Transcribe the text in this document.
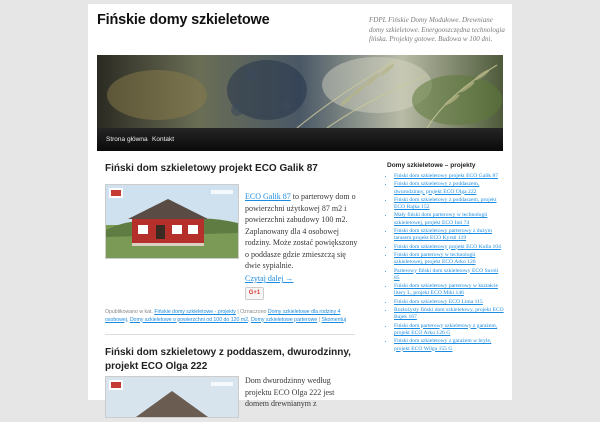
Fińskie domy szkieletowe	FDPL Fińskie Domy Modułowe. Drewniane domy szkieletowe. Energooszczędna technologia fińska. Projekty gotowe. Budowa w 100 dni.
Strona główna Kontakt
Fiński dom szkieletowy projekt ECO Galik 87
ECO Galik 87 to parterowy dom o powierzchni użytkowej 87 m2 i powierzchni zabudowy 100 m2. Zaplanowany dla 4 osobowej rodziny. Może zostać powiększony o poddasze gdzie zmieszczą się dwie sypialnie.
Czytaj dalej →
G+1
Opublikowano w kat. Fińskie domy szkieletowe - projekty | Oznaczono Domy szkieletowe dla rodziny 4 osobowej, Domy szkieletowe o powierzchni od 100 do 120 m2, Domy szkieletowe parterowe | Skomentuj
Fiński dom szkieletowy z poddaszem, dwurodzinny, projekt ECO Olga 222
Dom dwurodzinny według projektu ECO Olga 222 jest domem drewnianym z
Domy szkieletowe – projekty
• Fiński dom szkieletowy projekt ECO Galik 87
• Fiński dom szkieletowy z poddaszem, dwurodzinny, projekt ECO Olga 222
• Fiński dom szkieletowy z poddaszem, projekt ECO Rajka 152
• Mały fiński dom parterowy w technologii szkieletowej, projekt ECO Inti 74
• Fiński dom szkieletowy parterowy z dużym tarasem projekt ECO Kyrsti 119
• Fiński dom szkieletowy projekt ECO Kulla 104
• Fiński dom parterowy w technologii szkieletowej, projekt ECO Arko 126
• Parterowy fiński dom szkieletowy ECO Suroli 85
• Fiński dom szkieletowy parterowy w kształcie litery L, projekt ECO Miki 146
• Fiński dom szkieletowy ECO Lima 115
• Rozłożysty fiński dom szkieletowy, projekt ECO Bajek 167
• Fiński dom parterowy szkieletowy z garażem, projekt ECO Arko 126 G
• Fiński dom szkieletowy z garażem w bryle, projekt ECO Wilga 155 G
